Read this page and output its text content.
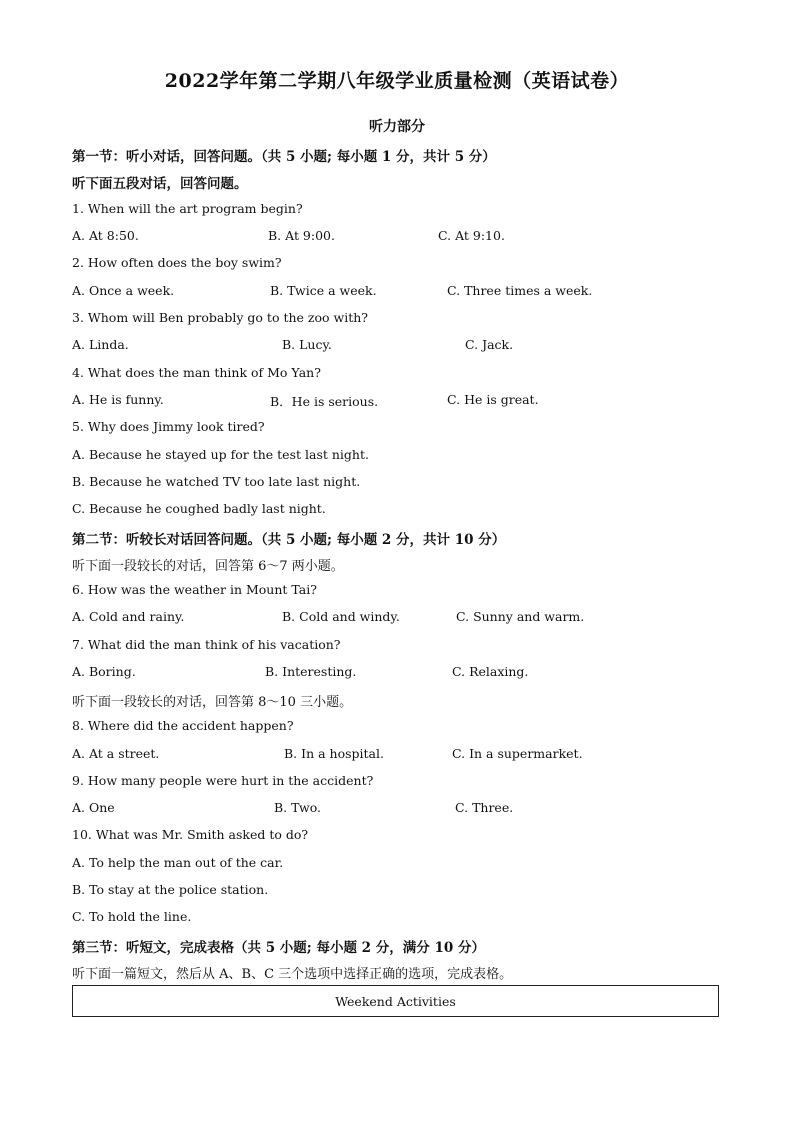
2022学年第二学期八年级学业质量检测（英语试卷）
听力部分
第一节：听小对话，回答问题。（共 5 小题; 每小题 1 分，共计 5 分）
听下面五段对话，回答问题。
1. When will the art program begin?
A. At 8:50.	B. At 9:00.	C. At 9:10.
2. How often does the boy swim?
A. Once a week.	B. Twice a week.	C. Three times a week.
3. Whom will Ben probably go to the zoo with?
A. Linda.	B. Lucy.	C. Jack.
4. What does the man think of Mo Yan?
A. He is funny.	B．He is serious.	C. He is great.
5. Why does Jimmy look tired?
A. Because he stayed up for the test last night.
B. Because he watched TV too late last night.
C. Because he coughed badly last night.
第二节：听较长对话回答问题。（共 5 小题; 每小题 2 分，共计 10 分）
听下面一段较长的对话，回答第 6～7 两小题。
6. How was the weather in Mount Tai?
A. Cold and rainy.	B. Cold and windy.	C. Sunny and warm.
7. What did the man think of his vacation?
A. Boring.	B. Interesting.	C. Relaxing.
听下面一段较长的对话，回答第 8～10 三小题。
8. Where did the accident happen?
A. At a street.	B. In a hospital.	C. In a supermarket.
9. How many people were hurt in the accident?
A. One	B. Two.	C. Three.
10. What was Mr. Smith asked to do?
A. To help the man out of the car.
B. To stay at the police station.
C. To hold the line.
第三节：听短文，完成表格（共 5 小题; 每小题 2 分，满分 10 分）
听下面一篇短文，然后从 A、B、C 三个选项中选择正确的选项，完成表格。
Weekend Activities
